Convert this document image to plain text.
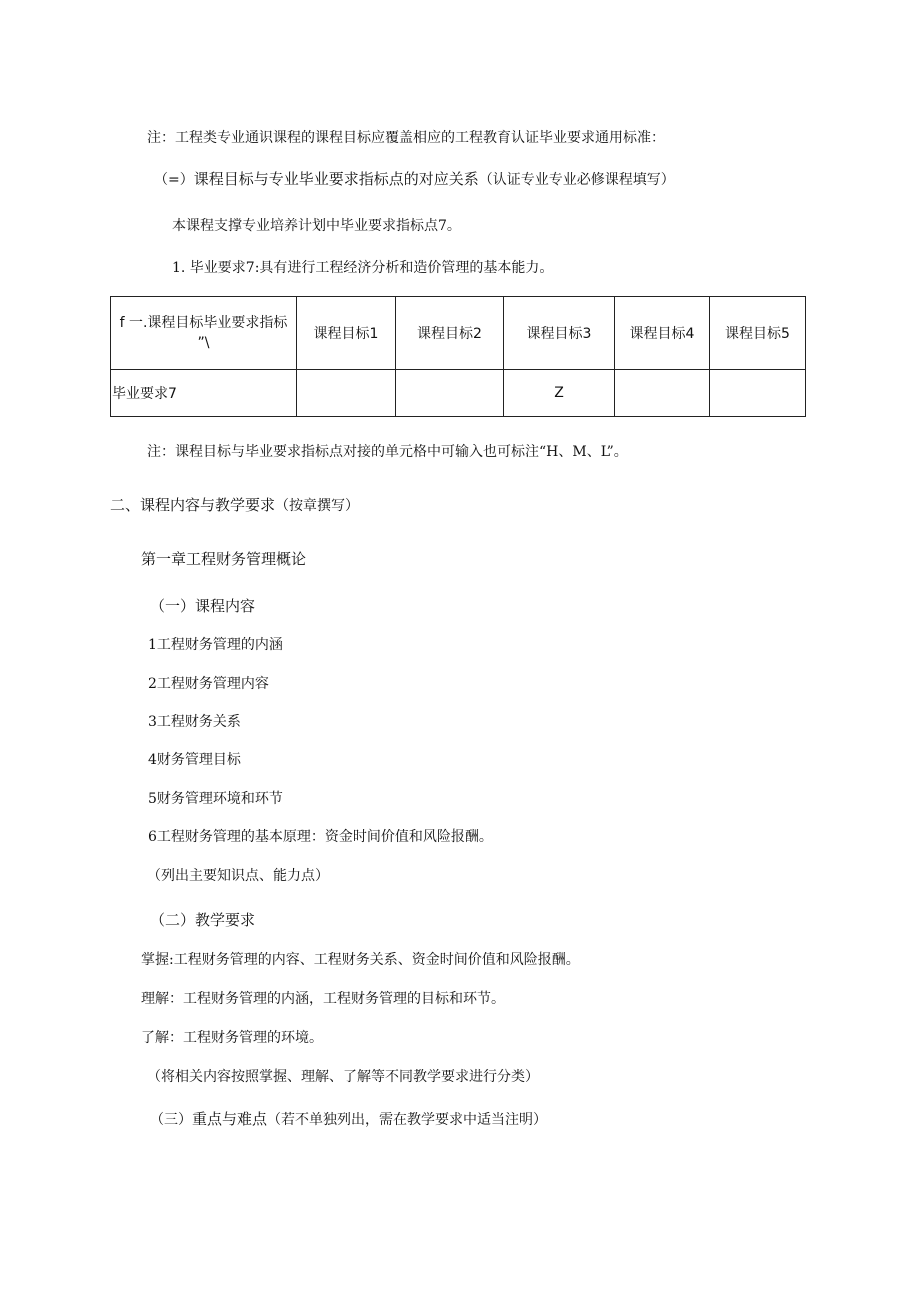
注：工程类专业通识课程的课程目标应覆盖相应的工程教育认证毕业要求通用标准：
（=）课程目标与专业毕业要求指标点的对应关系（认证专业专业必修课程填写）
本课程支撑专业培养计划中毕业要求指标点7。
1. 毕业要求7:具有进行工程经济分析和造价管理的基本能力。
f 一.课程目标毕业要求指标
”\	课程目标1	课程目标2	课程目标3	课程目标4	课程目标5
毕业要求7			Z		
注：课程目标与毕业要求指标点对接的单元格中可输入也可标注“H、M、L”。
二、课程内容与教学要求（按章撰写）
第一章工程财务管理概论
（一）课程内容
1工程财务管理的内涵
2工程财务管理内容
3工程财务关系
4财务管理目标
5财务管理环境和环节
6工程财务管理的基本原理：资金时间价值和风险报酬。
（列出主要知识点、能力点）
（二）教学要求
掌握:工程财务管理的内容、工程财务关系、资金时间价值和风险报酬。
理解：工程财务管理的内涵，工程财务管理的目标和环节。
了解：工程财务管理的环境。
（将相关内容按照掌握、理解、了解等不同教学要求进行分类）
（三）重点与难点（若不单独列出，需在教学要求中适当注明）
